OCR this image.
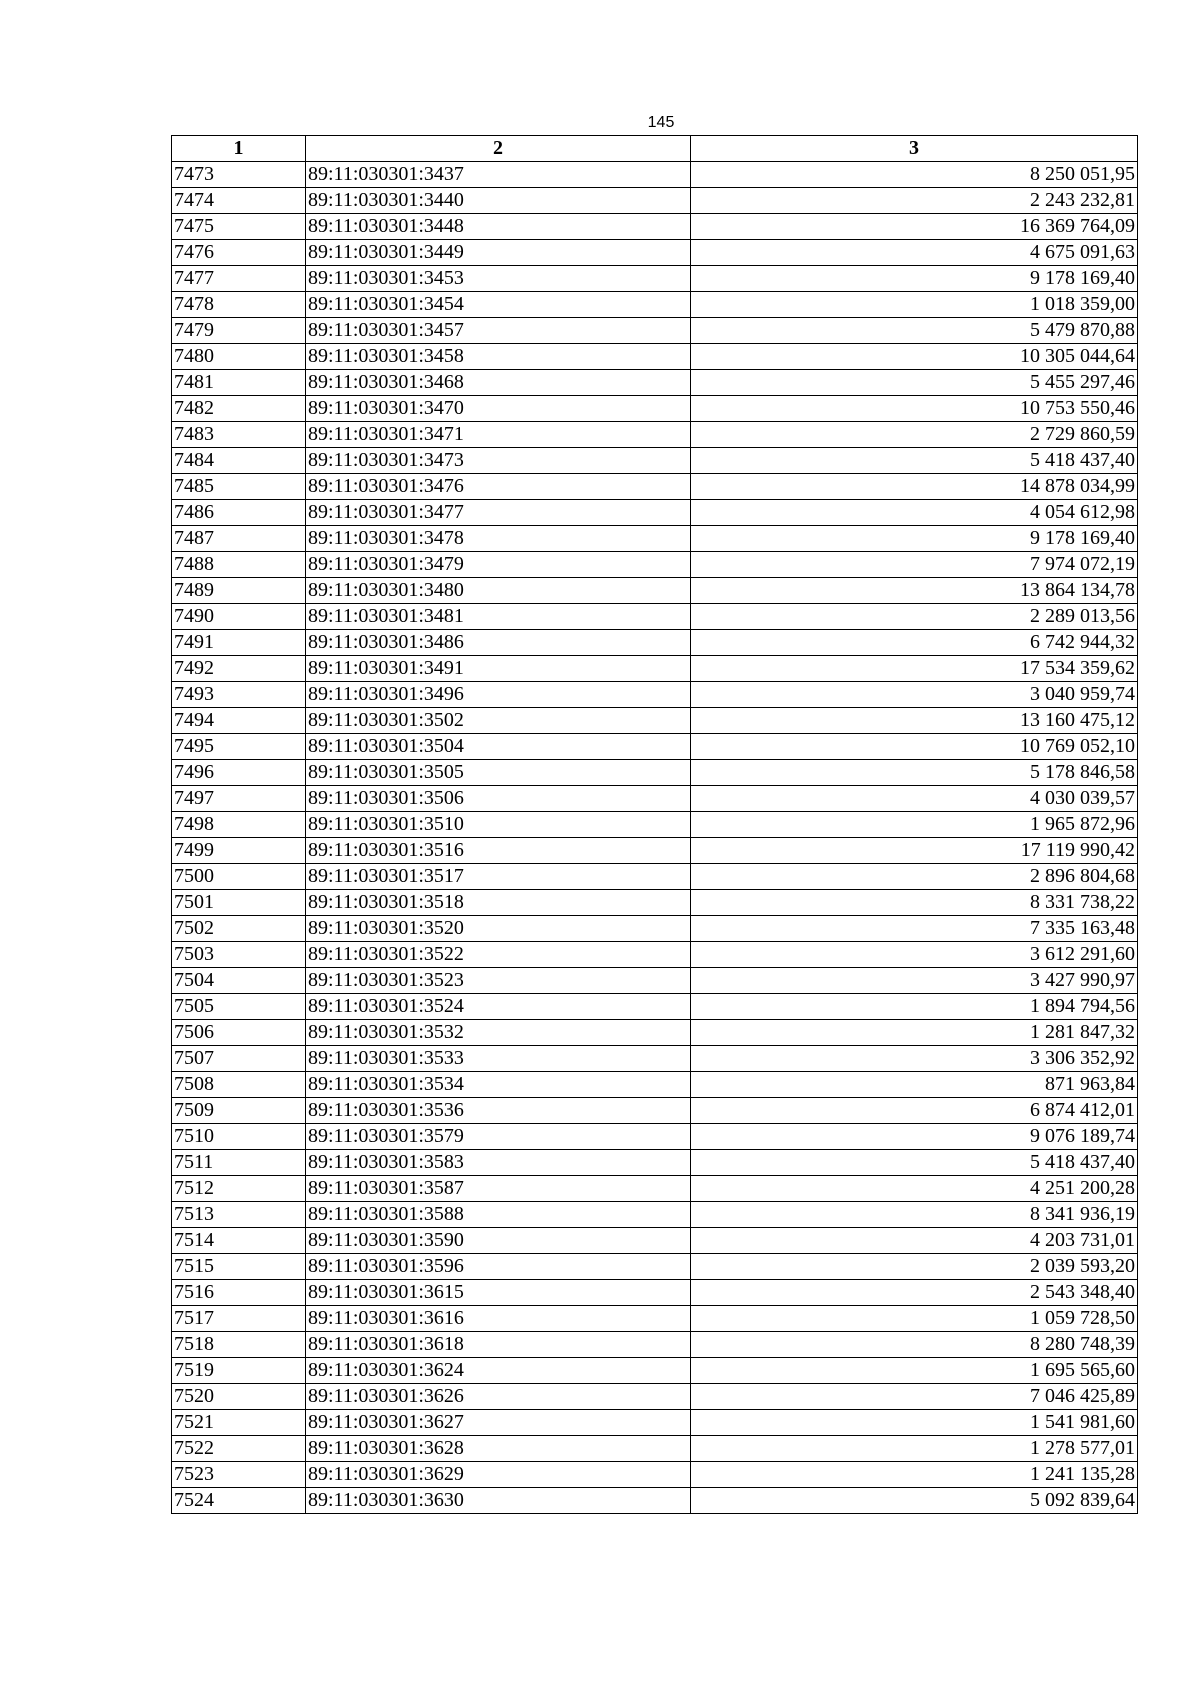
145
1	2	3
7473	89:11:030301:3437	8 250 051,95
7474	89:11:030301:3440	2 243 232,81
7475	89:11:030301:3448	16 369 764,09
7476	89:11:030301:3449	4 675 091,63
7477	89:11:030301:3453	9 178 169,40
7478	89:11:030301:3454	1 018 359,00
7479	89:11:030301:3457	5 479 870,88
7480	89:11:030301:3458	10 305 044,64
7481	89:11:030301:3468	5 455 297,46
7482	89:11:030301:3470	10 753 550,46
7483	89:11:030301:3471	2 729 860,59
7484	89:11:030301:3473	5 418 437,40
7485	89:11:030301:3476	14 878 034,99
7486	89:11:030301:3477	4 054 612,98
7487	89:11:030301:3478	9 178 169,40
7488	89:11:030301:3479	7 974 072,19
7489	89:11:030301:3480	13 864 134,78
7490	89:11:030301:3481	2 289 013,56
7491	89:11:030301:3486	6 742 944,32
7492	89:11:030301:3491	17 534 359,62
7493	89:11:030301:3496	3 040 959,74
7494	89:11:030301:3502	13 160 475,12
7495	89:11:030301:3504	10 769 052,10
7496	89:11:030301:3505	5 178 846,58
7497	89:11:030301:3506	4 030 039,57
7498	89:11:030301:3510	1 965 872,96
7499	89:11:030301:3516	17 119 990,42
7500	89:11:030301:3517	2 896 804,68
7501	89:11:030301:3518	8 331 738,22
7502	89:11:030301:3520	7 335 163,48
7503	89:11:030301:3522	3 612 291,60
7504	89:11:030301:3523	3 427 990,97
7505	89:11:030301:3524	1 894 794,56
7506	89:11:030301:3532	1 281 847,32
7507	89:11:030301:3533	3 306 352,92
7508	89:11:030301:3534	871 963,84
7509	89:11:030301:3536	6 874 412,01
7510	89:11:030301:3579	9 076 189,74
7511	89:11:030301:3583	5 418 437,40
7512	89:11:030301:3587	4 251 200,28
7513	89:11:030301:3588	8 341 936,19
7514	89:11:030301:3590	4 203 731,01
7515	89:11:030301:3596	2 039 593,20
7516	89:11:030301:3615	2 543 348,40
7517	89:11:030301:3616	1 059 728,50
7518	89:11:030301:3618	8 280 748,39
7519	89:11:030301:3624	1 695 565,60
7520	89:11:030301:3626	7 046 425,89
7521	89:11:030301:3627	1 541 981,60
7522	89:11:030301:3628	1 278 577,01
7523	89:11:030301:3629	1 241 135,28
7524	89:11:030301:3630	5 092 839,64
